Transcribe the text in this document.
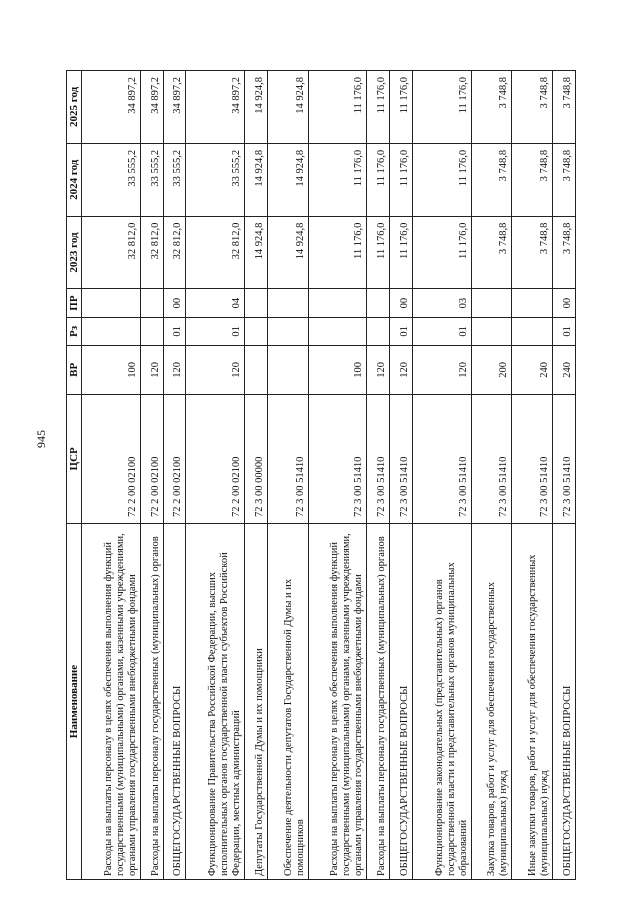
945
Наименование	ЦСР	ВР	Рз	ПР	2023 год	2024 год	2025 год
Расходы на выплаты персоналу в целях обеспечения выполнения функций государственными (муниципальными) органами, казенными учреждениями, органами управления государственными внебюджетными фондами	72 2 00 02100	100			32 812,0	33 555,2	34 897,2
Расходы на выплаты персоналу государственных (муниципальных) органов	72 2 00 02100	120			32 812,0	33 555,2	34 897,2
ОБЩЕГОСУДАРСТВЕННЫЕ ВОПРОСЫ	72 2 00 02100	120	01	00	32 812,0	33 555,2	34 897,2
Функционирование Правительства Российской Федерации, высших исполнительных органов государственной власти субъектов Российской Федерации, местных администраций	72 2 00 02100	120	01	04	32 812,0	33 555,2	34 897,2
Депутаты Государственной Думы и их помощники	72 3 00 00000				14 924,8	14 924,8	14 924,8
Обеспечение деятельности депутатов Государственной Думы и их помощников	72 3 00 51410				14 924,8	14 924,8	14 924,8
Расходы на выплаты персоналу в целях обеспечения выполнения функций государственными (муниципальными) органами, казенными учреждениями, органами управления государственными внебюджетными фондами	72 3 00 51410	100			11 176,0	11 176,0	11 176,0
Расходы на выплаты персоналу государственных (муниципальных) органов	72 3 00 51410	120			11 176,0	11 176,0	11 176,0
ОБЩЕГОСУДАРСТВЕННЫЕ ВОПРОСЫ	72 3 00 51410	120	01	00	11 176,0	11 176,0	11 176,0
Функционирование законодательных (представительных) органов государственной власти и представительных органов муниципальных образований	72 3 00 51410	120	01	03	11 176,0	11 176,0	11 176,0
Закупка товаров, работ и услуг для обеспечения государственных (муниципальных) нужд	72 3 00 51410	200			3 748,8	3 748,8	3 748,8
Иные закупки товаров, работ и услуг для обеспечения государственных (муниципальных) нужд	72 3 00 51410	240			3 748,8	3 748,8	3 748,8
ОБЩЕГОСУДАРСТВЕННЫЕ ВОПРОСЫ	72 3 00 51410	240	01	00	3 748,8	3 748,8	3 748,8
